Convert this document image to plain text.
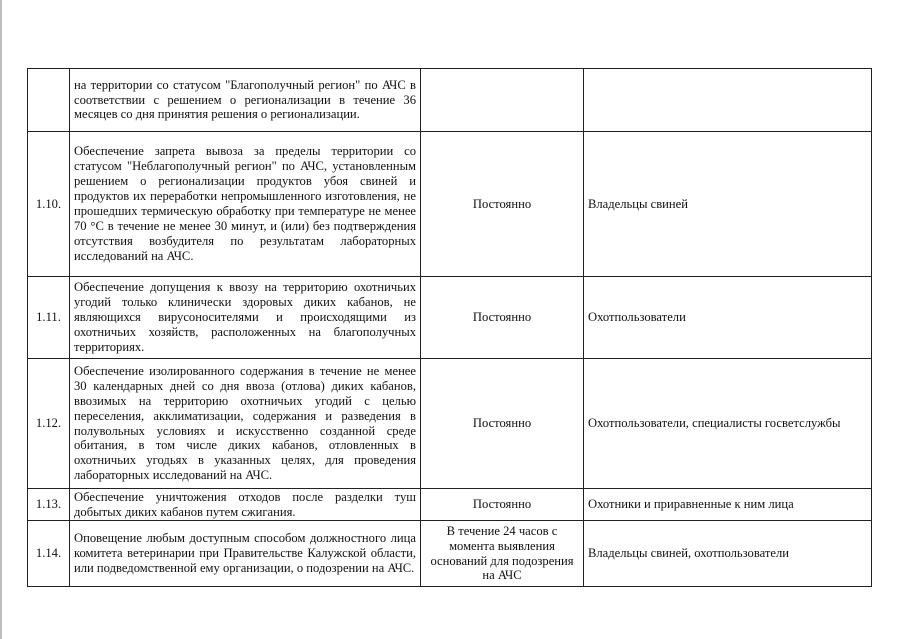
	на территории со статусом "Благополучный регион" по АЧС в соответствии с решением о регионализации в течение 36 месяцев со дня принятия решения о регионализации.		
1.10.	Обеспечение запрета вывоза за пределы территории со статусом "Неблагополучный регион" по АЧС, установленным решением о регионализации продуктов убоя свиней и продуктов их переработки непромышленного изготовления, не прошедших термическую обработку при температуре не менее 70 °С в течение не менее 30 минут, и (или) без подтверждения отсутствия возбудителя по результатам лабораторных исследований на АЧС.	Постоянно	Владельцы свиней
1.11.	Обеспечение допущения к ввозу на территорию охотничьих угодий только клинически здоровых диких кабанов, не являющихся вирусоносителями и происходящими из охотничьих хозяйств, расположенных на благополучных территориях.	Постоянно	Охотпользователи
1.12.	Обеспечение изолированного содержания в течение не менее 30 календарных дней со дня ввоза (отлова) диких кабанов, ввозимых на территорию охотничьих угодий с целью переселения, акклиматизации, содержания и разведения в полувольных условиях и искусственно созданной среде обитания, в том числе диких кабанов, отловленных в охотничьих угодьях в указанных целях, для проведения лабораторных исследований на АЧС.	Постоянно	Охотпользователи, специалисты госветслужбы
1.13.	Обеспечение уничтожения отходов после разделки туш добытых диких кабанов путем сжигания.	Постоянно	Охотники и приравненные к ним лица
1.14.	Оповещение любым доступным способом должностного лица комитета ветеринарии при Правительстве Калужской области, или подведомственной ему организации, о подозрении на АЧС.	В течение 24 часов с момента выявления оснований для подозрения на АЧС	Владельцы свиней, охотпользователи
